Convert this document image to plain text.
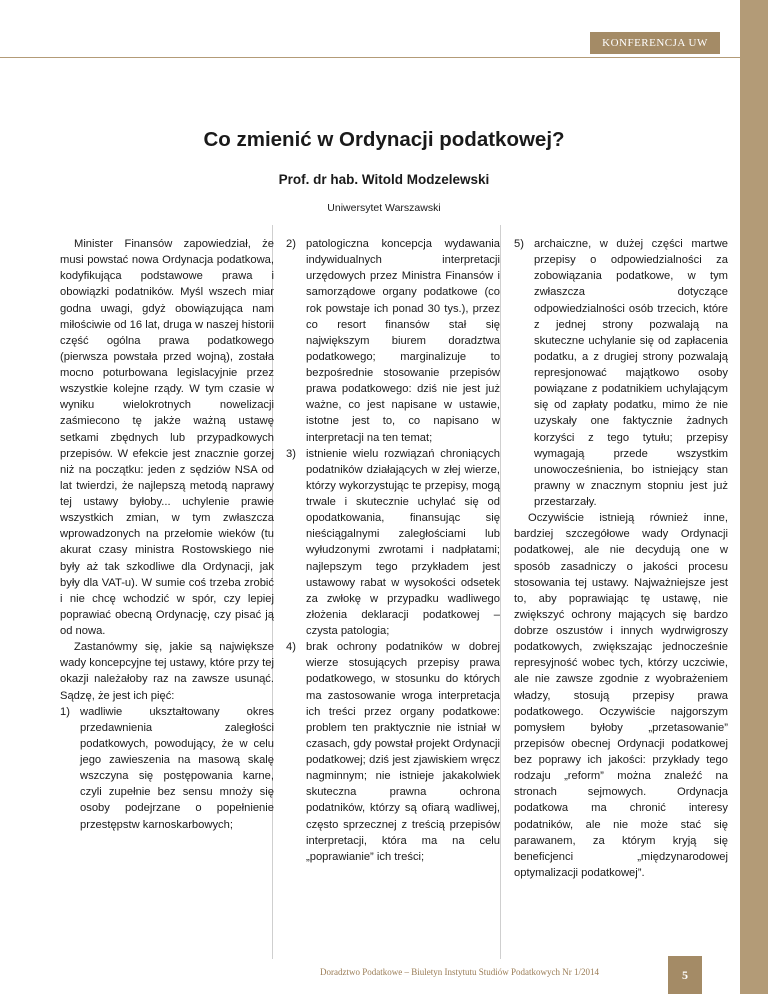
KONFERENCJA UW
Co zmienić w Ordynacji podatkowej?
Prof. dr hab. Witold Modzelewski
Uniwersytet Warszawski

Minister Finansów zapowiedział, że musi powstać nowa Ordynacja podatkowa, kodyfikująca podstawowe prawa i obowiązki podatników. Myśl wszech miar godna uwagi, gdyż obowiązująca nam miłościwie od 16 lat, druga w naszej historii część ogólna prawa podatkowego (pierwsza powstała przed wojną), została mocno poturbowana legislacyjnie przez wszystkie kolejne rządy. W tym czasie w wyniku wielokrotnych nowelizacji zaśmiecono tę jakże ważną ustawę setkami zbędnych lub przypadkowych przepisów. W efekcie jest znacznie gorzej niż na początku: jeden z sędziów NSA od lat twierdzi, że najlepszą metodą naprawy tej ustawy byłoby... uchylenie prawie wszystkich zmian, w tym zwłaszcza wprowadzonych na przełomie wieków (tu akurat czasy ministra Rostowskiego nie były aż tak szkodliwe dla Ordynacji, jak były dla VAT-u). W sumie coś trzeba zrobić i nie chcę wchodzić w spór, czy lepiej poprawiać obecną Ordynację, czy pisać ją od nowa.

Zastanówmy się, jakie są największe wady koncepcyjne tej ustawy, które przy tej okazji należałoby raz na zawsze usunąć. Sądzę, że jest ich pięć:

1) wadliwie ukształtowany okres przedawnienia zaległości podatkowych, powodujący, że w celu jego zawieszenia na masową skalę wszczyna się postępowania karne, czyli zupełnie bez sensu mnoży się osoby podejrzane o popełnienie przestępstw karnoskarbowych;
2) patologiczna koncepcja wydawania indywidualnych interpretacji urzędowych przez Ministra Finansów i samorządowe organy podatkowe (co rok powstaje ich ponad 30 tys.), przez co resort finansów stał się największym biurem doradztwa podatkowego; marginalizuje to bezpośrednie stosowanie przepisów prawa podatkowego: dziś nie jest już ważne, co jest napisane w ustawie, istotne jest to, co napisano w interpretacji na ten temat;
3) istnienie wielu rozwiązań chroniących podatników działających w złej wierze, którzy wykorzystując te przepisy, mogą trwale i skutecznie uchylać się od opodatkowania, finansując się nieściągalnymi zaległościami lub wyłudzonymi zwrotami i nadpłatami; najlepszym tego przykładem jest ustawowy rabat w wysokości odsetek za zwłokę w przypadku wadliwego złożenia deklaracji podatkowej – czysta patologia;
4) brak ochrony podatników w dobrej wierze stosujących przepisy prawa podatkowego, w stosunku do których ma zastosowanie wroga interpretacja ich treści przez organy podatkowe: problem ten praktycznie nie istniał w czasach, gdy powstał projekt Ordynacji podatkowej; dziś jest zjawiskiem wręcz nagminnym; nie istnieje jakakolwiek skuteczna prawna ochrona podatników, którzy są ofiarą wadliwej, często sprzecznej z treścią przepisów interpretacji, która ma na celu „poprawianie” ich treści;
5) archaiczne, w dużej części martwe przepisy o odpowiedzialności za zobowiązania podatkowe, w tym zwłaszcza dotyczące odpowiedzialności osób trzecich, które z jednej strony pozwalają na skuteczne uchylanie się od zapłacenia podatku, a z drugiej strony pozwalają represjonować majątkowo osoby powiązane z podatnikiem uchylającym się od zapłaty podatku, mimo że nie uzyskały one faktycznie żadnych korzyści z tego tytułu; przepisy wymagają przede wszystkim unowocześnienia, bo istniejący stan prawny w znacznym stopniu jest już przestarzały.

Oczywiście istnieją również inne, bardziej szczegółowe wady Ordynacji podatkowej, ale nie decydują one w sposób zasadniczy o jakości procesu stosowania tej ustawy. Najważniejsze jest to, aby poprawiając tę ustawę, nie zwiększyć ochrony mających się bardzo dobrze oszustów i innych wydrwigroszy podatkowych, zwiększając jednocześnie represyjność wobec tych, którzy uczciwie, ale nie zawsze zgodnie z wyobrażeniem władzy, stosują przepisy prawa podatkowego. Oczywiście najgorszym pomysłem byłoby „przetasowanie” przepisów obecnej Ordynacji podatkowej bez poprawy ich jakości: przykłady tego rodzaju „reform” można znaleźć na stronach sejmowych. Ordynacja podatkowa ma chronić interesy podatników, ale nie może stać się parawanem, za którym kryją się beneficjenci „międzynarodowej optymalizacji podatkowej”.

Doradztwo Podatkowe – Biuletyn Instytutu Studiów Podatkowych Nr 1/2014	5
